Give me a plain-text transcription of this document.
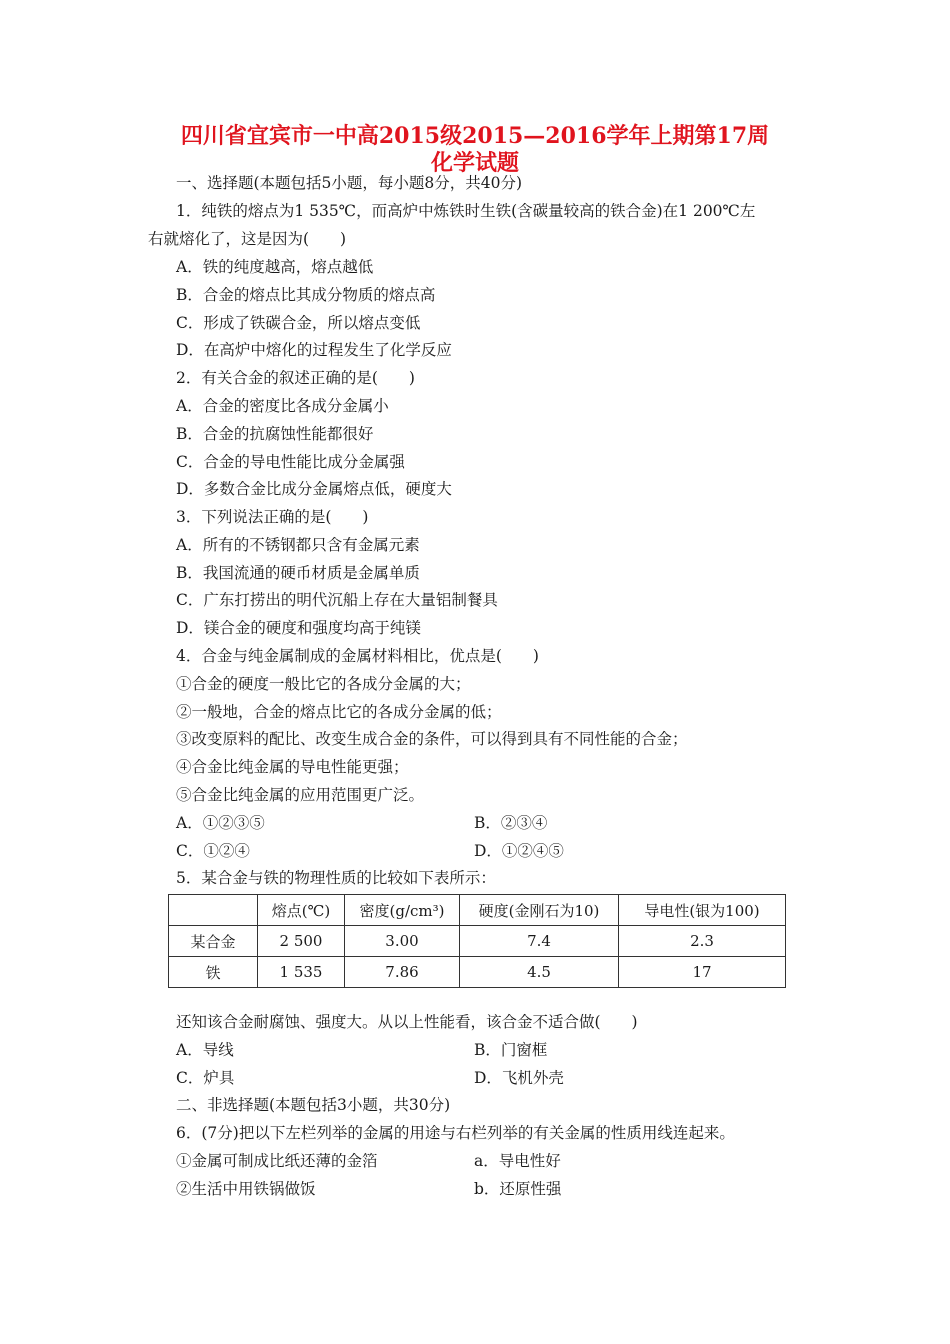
四川省宜宾市一中高2015级2015—2016学年上期第17周
化学试题
一、选择题(本题包括5小题，每小题8分，共40分)
1．纯铁的熔点为1 535℃，而高炉中炼铁时生铁(含碳量较高的铁合金)在1 200℃左
右就熔化了，这是因为(　　)
A．铁的纯度越高，熔点越低
B．合金的熔点比其成分物质的熔点高
C．形成了铁碳合金，所以熔点变低
D．在高炉中熔化的过程发生了化学反应
2．有关合金的叙述正确的是(　　)
A．合金的密度比各成分金属小
B．合金的抗腐蚀性能都很好
C．合金的导电性能比成分金属强
D．多数合金比成分金属熔点低，硬度大
3．下列说法正确的是(　　)
A．所有的不锈钢都只含有金属元素
B．我国流通的硬币材质是金属单质
C．广东打捞出的明代沉船上存在大量铝制餐具
D．镁合金的硬度和强度均高于纯镁
4．合金与纯金属制成的金属材料相比，优点是(　　)
①合金的硬度一般比它的各成分金属的大；
②一般地，合金的熔点比它的各成分金属的低；
③改变原料的配比、改变生成合金的条件，可以得到具有不同性能的合金；
④合金比纯金属的导电性能更强；
⑤合金比纯金属的应用范围更广泛。
A．①②③⑤	B．②③④
C．①②④	D．①②④⑤
5．某合金与铁的物理性质的比较如下表所示：
	熔点(℃)	密度(g/cm³)	硬度(金刚石为10)	导电性(银为100)
某合金	2 500	3.00	7.4	2.3
铁	1 535	7.86	4.5	17
还知该合金耐腐蚀、强度大。从以上性能看，该合金不适合做(　　)
A．导线	B．门窗框
C．炉具	D．飞机外壳
二、非选择题(本题包括3小题，共30分)
6．(7分)把以下左栏列举的金属的用途与右栏列举的有关金属的性质用线连起来。
①金属可制成比纸还薄的金箔	a．导电性好
②生活中用铁锅做饭	b．还原性强
